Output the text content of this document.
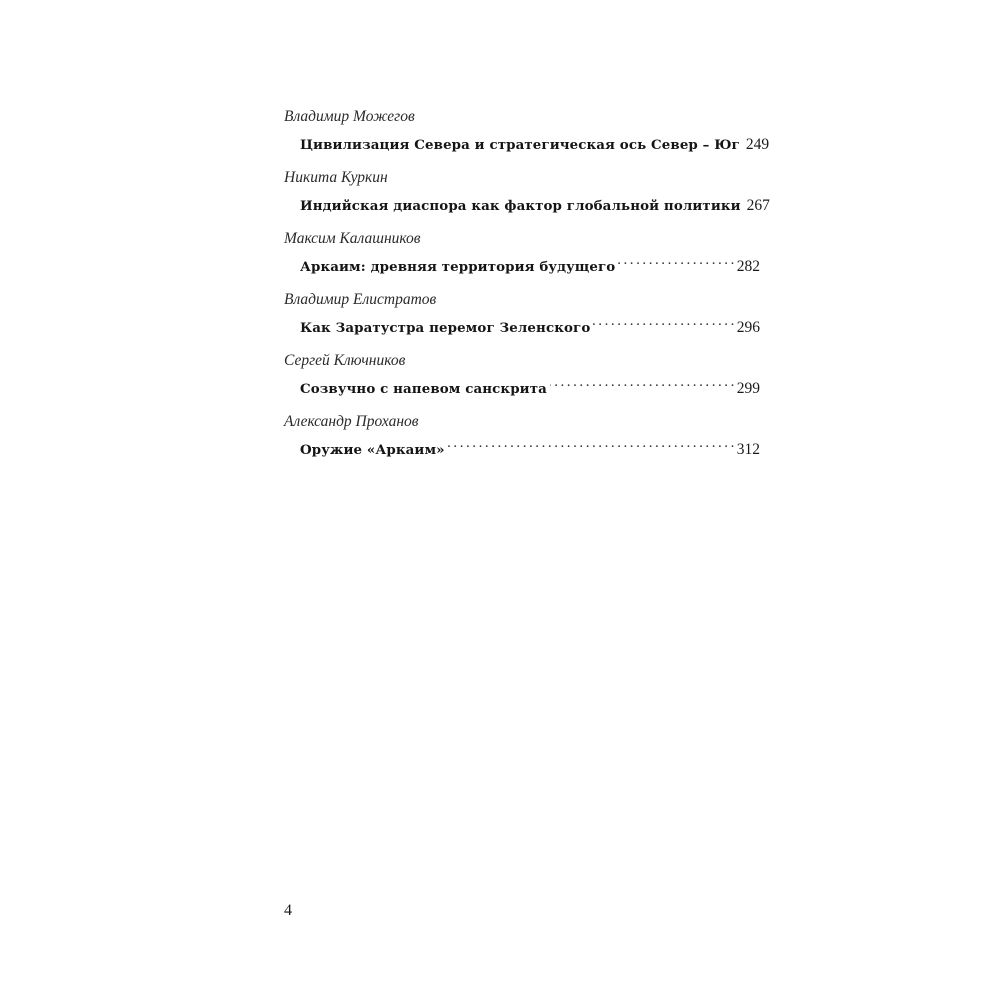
Владимир Можегов
Цивилизация Севера и стратегическая ось Север – Юг 249
Никита Куркин
Индийская диаспора как фактор глобальной политики 267
Максим Калашников
Аркаим: древняя территория будущего . . .	282
Владимир Елистратов
Как Заратустра перемог Зеленского . . .	296
Сергей Ключников
Созвучно с напевом санскрита . . .	299
Александр Проханов
Оружие «Аркаим» . . .	312
4
